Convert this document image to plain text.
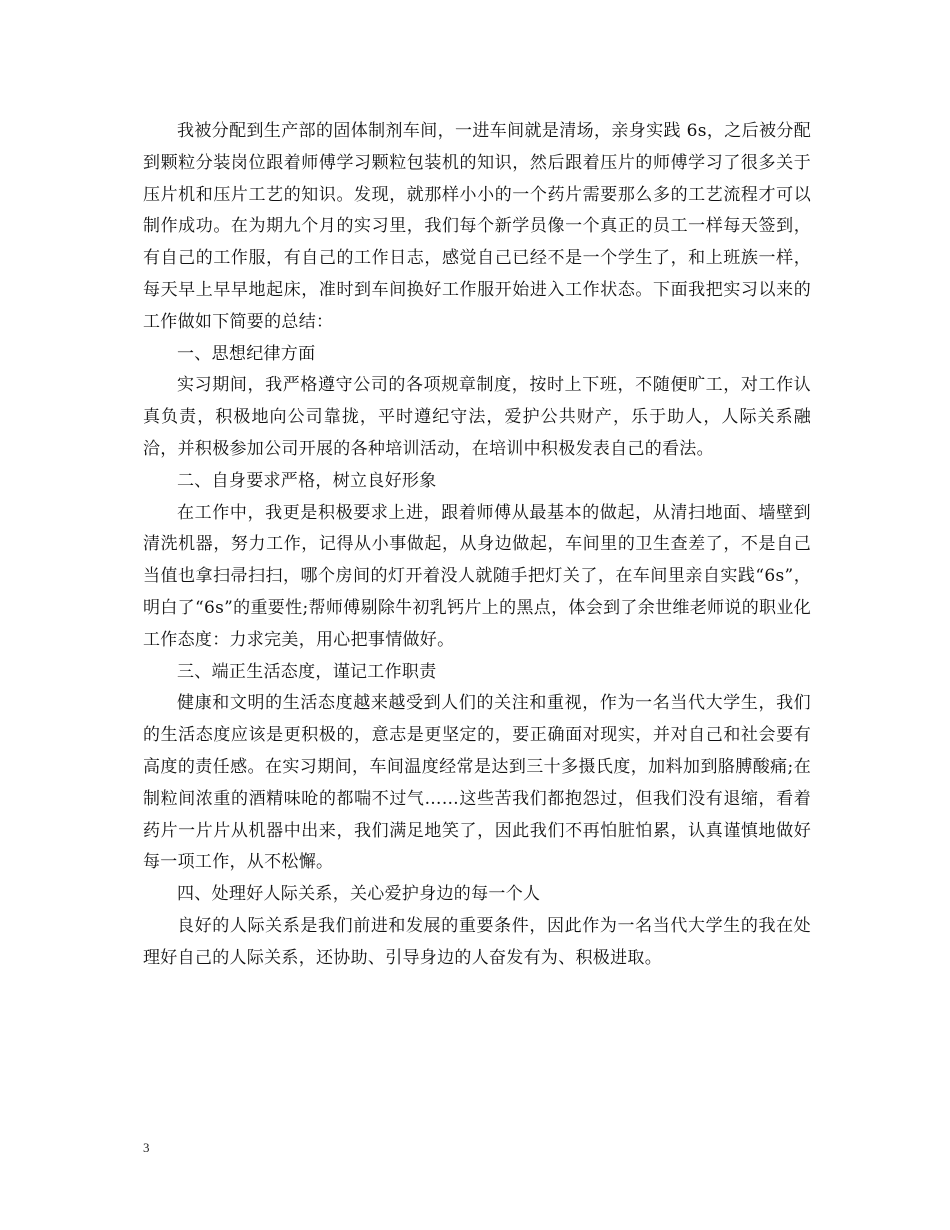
我被分配到生产部的固体制剂车间，一进车间就是清场，亲身实践 6s，之后被分配到颗粒分装岗位跟着师傅学习颗粒包装机的知识，然后跟着压片的师傅学习了很多关于压片机和压片工艺的知识。发现，就那样小小的一个药片需要那么多的工艺流程才可以制作成功。在为期九个月的实习里，我们每个新学员像一个真正的员工一样每天签到，有自己的工作服，有自己的工作日志，感觉自己已经不是一个学生了，和上班族一样，每天早上早早地起床，准时到车间换好工作服开始进入工作状态。下面我把实习以来的工作做如下简要的总结：

一、思想纪律方面

实习期间，我严格遵守公司的各项规章制度，按时上下班，不随便旷工，对工作认真负责，积极地向公司靠拢，平时遵纪守法，爱护公共财产，乐于助人，人际关系融洽，并积极参加公司开展的各种培训活动，在培训中积极发表自己的看法。

二、自身要求严格，树立良好形象

在工作中，我更是积极要求上进，跟着师傅从最基本的做起，从清扫地面、墙壁到清洗机器，努力工作，记得从小事做起，从身边做起，车间里的卫生查差了，不是自己当值也拿扫帚扫扫，哪个房间的灯开着没人就随手把灯关了，在车间里亲自实践“6s”，明白了“6s”的重要性;帮师傅剔除牛初乳钙片上的黑点，体会到了余世维老师说的职业化工作态度：力求完美，用心把事情做好。

三、端正生活态度，谨记工作职责

健康和文明的生活态度越来越受到人们的关注和重视，作为一名当代大学生，我们的生活态度应该是更积极的，意志是更坚定的，要正确面对现实，并对自己和社会要有高度的责任感。在实习期间，车间温度经常是达到三十多摄氏度，加料加到胳膊酸痛;在制粒间浓重的酒精味呛的都喘不过气……这些苦我们都抱怨过，但我们没有退缩，看着药片一片片从机器中出来，我们满足地笑了，因此我们不再怕脏怕累，认真谨慎地做好每一项工作，从不松懈。

四、处理好人际关系，关心爱护身边的每一个人

良好的人际关系是我们前进和发展的重要条件，因此作为一名当代大学生的我在处理好自己的人际关系，还协助、引导身边的人奋发有为、积极进取。

3
